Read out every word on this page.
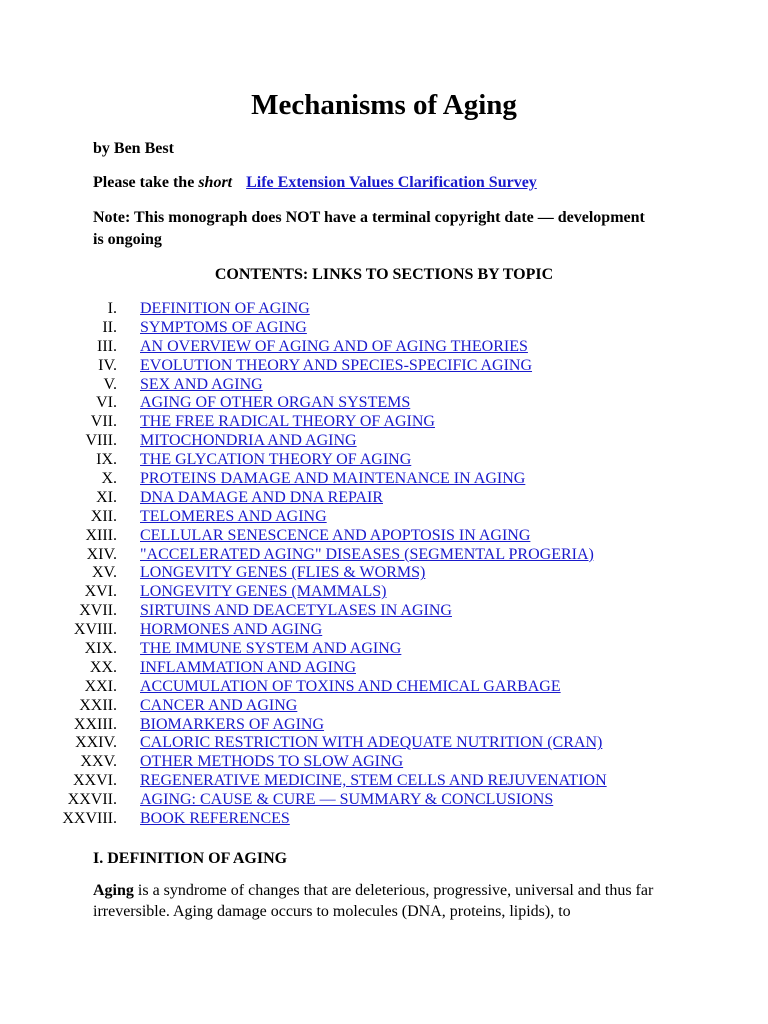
Mechanisms of Aging
by Ben Best
Please take the short Life Extension Values Clarification Survey
Note: This monograph does NOT have a terminal copyright date — development is ongoing
CONTENTS: LINKS TO SECTIONS BY TOPIC
I. DEFINITION OF AGING
II. SYMPTOMS OF AGING
III. AN OVERVIEW OF AGING AND OF AGING THEORIES
IV. EVOLUTION THEORY AND SPECIES-SPECIFIC AGING
V. SEX AND AGING
VI. AGING OF OTHER ORGAN SYSTEMS
VII. THE FREE RADICAL THEORY OF AGING
VIII. MITOCHONDRIA AND AGING
IX. THE GLYCATION THEORY OF AGING
X. PROTEINS DAMAGE AND MAINTENANCE IN AGING
XI. DNA DAMAGE AND DNA REPAIR
XII. TELOMERES AND AGING
XIII. CELLULAR SENESCENCE AND APOPTOSIS IN AGING
XIV. "ACCELERATED AGING" DISEASES (SEGMENTAL PROGERIA)
XV. LONGEVITY GENES (FLIES & WORMS)
XVI. LONGEVITY GENES (MAMMALS)
XVII. SIRTUINS AND DEACETYLASES IN AGING
XVIII. HORMONES AND AGING
XIX. THE IMMUNE SYSTEM AND AGING
XX. INFLAMMATION AND AGING
XXI. ACCUMULATION OF TOXINS AND CHEMICAL GARBAGE
XXII. CANCER AND AGING
XXIII. BIOMARKERS OF AGING
XXIV. CALORIC RESTRICTION WITH ADEQUATE NUTRITION (CRAN)
XXV. OTHER METHODS TO SLOW AGING
XXVI. REGENERATIVE MEDICINE, STEM CELLS AND REJUVENATION
XXVII. AGING: CAUSE & CURE — SUMMARY & CONCLUSIONS
XXVIII. BOOK REFERENCES
I. DEFINITION OF AGING
Aging is a syndrome of changes that are deleterious, progressive, universal and thus far irreversible. Aging damage occurs to molecules (DNA, proteins, lipids), to
